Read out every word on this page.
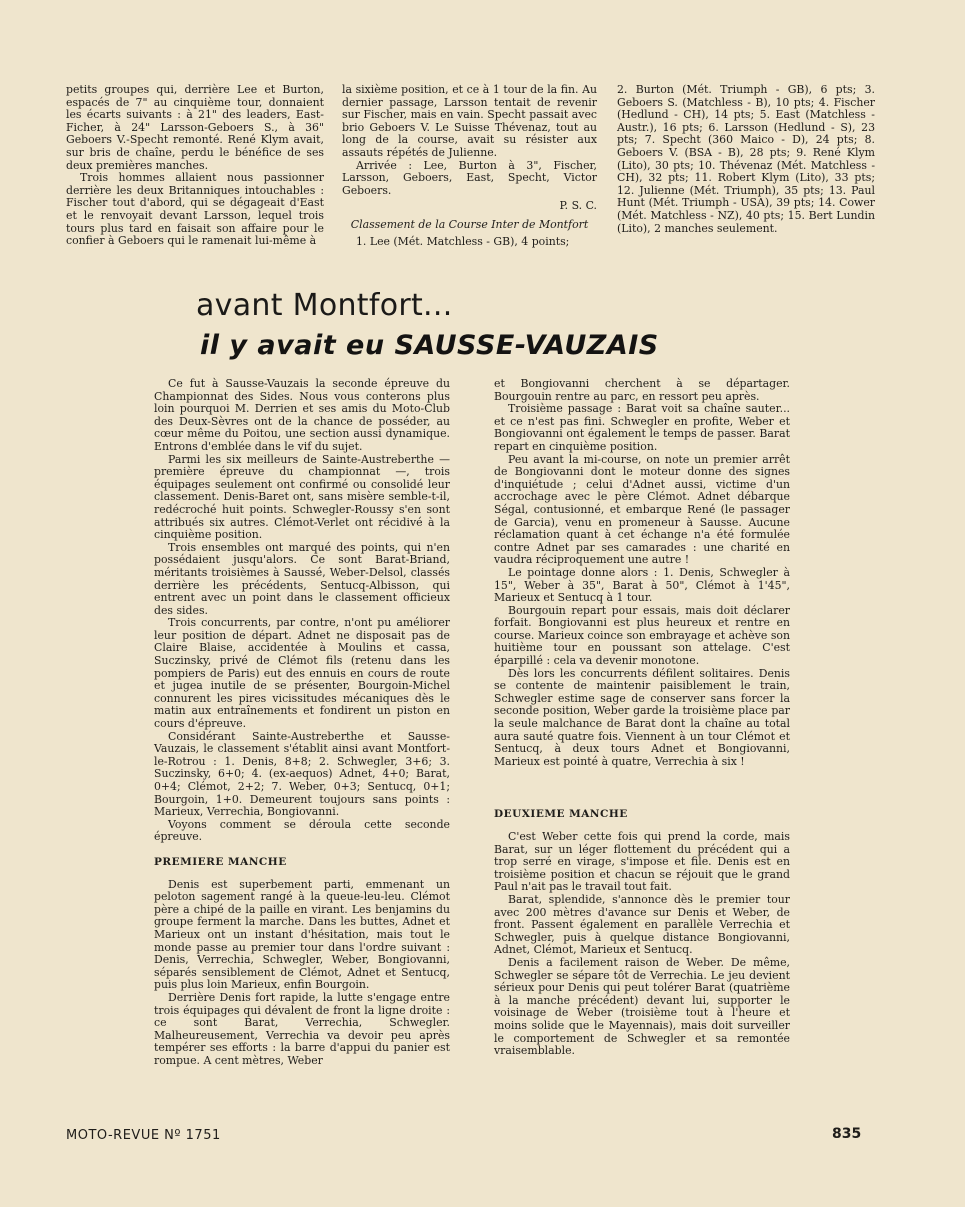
petits groupes qui, derrière Lee et Burton, espacés de 7" au cinquième tour, donnaient les écarts suivants : à 21" des leaders, East-Ficher, à 24" Larsson-Geboers S., à 36" Geboers V.-Specht remonté. René Klym avait, sur bris de chaîne, perdu le bénéfice de ses deux premières manches.

Trois hommes allaient nous passionner derrière les deux Britanniques intouchables : Fischer tout d'abord, qui se dégageait d'East et le renvoyait devant Larsson, lequel trois tours plus tard en faisait son affaire pour le confier à Geboers qui le ramenait lui-même à

la sixième position, et ce à 1 tour de la fin. Au dernier passage, Larsson tentait de revenir sur Fischer, mais en vain. Specht passait avec brio Geboers V. Le Suisse Thévenaz, tout au long de la course, avait su résister aux assauts répétés de Julienne.

Arrivée : Lee, Burton à 3", Fischer, Larsson, Geboers, East, Specht, Victor Geboers.

P. S. C.

Classement de la Course Inter de Montfort

1. Lee (Mét. Matchless - GB), 4 points;

2. Burton (Mét. Triumph - GB), 6 pts; 3. Geboers S. (Matchless - B), 10 pts; 4. Fischer (Hedlund - CH), 14 pts; 5. East (Matchless - Austr.), 16 pts; 6. Larsson (Hedlund - S), 23 pts; 7. Specht (360 Maico - D), 24 pts; 8. Geboers V. (BSA - B), 28 pts; 9. René Klym (Lito), 30 pts; 10. Thévenaz (Mét. Matchless - CH), 32 pts; 11. Robert Klym (Lito), 33 pts; 12. Julienne (Mét. Triumph), 35 pts; 13. Paul Hunt (Mét. Triumph - USA), 39 pts; 14. Cower (Mét. Matchless - NZ), 40 pts; 15. Bert Lundin (Lito), 2 manches seulement.

avant Montfort...
il y avait eu SAUSSE-VAUZAIS

Ce fut à Sausse-Vauzais la seconde épreuve du Championnat des Sides. Nous vous conterons plus loin pourquoi M. Derrien et ses amis du Moto-Club des Deux-Sèvres ont de la chance de posséder, au cœur même du Poitou, une section aussi dynamique. Entrons d'emblée dans le vif du sujet.

Parmi les six meilleurs de Sainte-Austreberthe — première épreuve du championnat —, trois équipages seulement ont confirmé ou consolidé leur classement. Denis-Baret ont, sans misère semble-t-il, redécroché huit points. Schwegler-Roussy s'en sont attribués six autres. Clémot-Verlet ont récidivé à la cinquième position.

Trois ensembles ont marqué des points, qui n'en possédaient jusqu'alors. Ce sont Barat-Briand, méritants troisièmes à Saussé, Weber-Delsol, classés derrière les précédents, Sentucq-Albisson, qui entrent avec un point dans le classement officieux des sides.

Trois concurrents, par contre, n'ont pu améliorer leur position de départ. Adnet ne disposait pas de Claire Blaise, accidentée à Moulins et cassa, Suczinsky, privé de Clémot fils (retenu dans les pompiers de Paris) eut des ennuis en cours de route et jugea inutile de se présenter, Bourgoin-Michel connurent les pires vicissitudes mécaniques dès le matin aux entraînements et fondirent un piston en cours d'épreuve.

Considérant Sainte-Austreberthe et Sausse-Vauzais, le classement s'établit ainsi avant Montfort-le-Rotrou : 1. Denis, 8+8; 2. Schwegler, 3+6; 3. Suczinsky, 6+0; 4. (ex-aequos) Adnet, 4+0; Barat, 0+4; Clémot, 2+2; 7. Weber, 0+3; Sentucq, 0+1; Bourgoin, 1+0. Demeurent toujours sans points : Marieux, Verrechia, Bongiovanni.

Voyons comment se déroula cette seconde épreuve.

PREMIERE MANCHE

Denis est superbement parti, emmenant un peloton sagement rangé à la queue-leu-leu. Clémot père a chipé de la paille en virant. Les benjamins du groupe ferment la marche. Dans les buttes, Adnet et Marieux ont un instant d'hésitation, mais tout le monde passe au premier tour dans l'ordre suivant : Denis, Verrechia, Schwegler, Weber, Bongiovanni, séparés sensiblement de Clémot, Adnet et Sentucq, puis plus loin Marieux, enfin Bourgoin.

Derrière Denis fort rapide, la lutte s'engage entre trois équipages qui dévalent de front la ligne droite : ce sont Barat, Verrechia, Schwegler. Malheureusement, Verrechia va devoir peu après tempérer ses efforts : la barre d'appui du panier est rompue. A cent mètres, Weber

et Bongiovanni cherchent à se départager. Bourgouin rentre au parc, en ressort peu après.

Troisième passage : Barat voit sa chaîne sauter... et ce n'est pas fini. Schwegler en profite, Weber et Bongiovanni ont également le temps de passer. Barat repart en cinquième position.

Peu avant la mi-course, on note un premier arrêt de Bongiovanni dont le moteur donne des signes d'inquiétude ; celui d'Adnet aussi, victime d'un accrochage avec le père Clémot. Adnet débarque Ségal, contusionné, et embarque René (le passager de Garcia), venu en promeneur à Sausse. Aucune réclamation quant à cet échange n'a été formulée contre Adnet par ses camarades : une charité en vaudra réciproquement une autre !

Le pointage donne alors : 1. Denis, Schwegler à 15", Weber à 35", Barat à 50", Clémot à 1'45", Marieux et Sentucq à 1 tour.

Bourgouin repart pour essais, mais doit déclarer forfait. Bongiovanni est plus heureux et rentre en course. Marieux coince son embrayage et achève son huitième tour en poussant son attelage. C'est éparpillé : cela va devenir monotone.

Dès lors les concurrents défilent solitaires. Denis se contente de maintenir paisiblement le train, Schwegler estime sage de conserver sans forcer la seconde position, Weber garde la troisième place par la seule malchance de Barat dont la chaîne au total aura sauté quatre fois. Viennent à un tour Clémot et Sentucq, à deux tours Adnet et Bongiovanni, Marieux est pointé à quatre, Verrechia à six !

DEUXIEME MANCHE

C'est Weber cette fois qui prend la corde, mais Barat, sur un léger flottement du précédent qui a trop serré en virage, s'impose et file. Denis est en troisième position et chacun se réjouit que le grand Paul n'ait pas le travail tout fait.

Barat, splendide, s'annonce dès le premier tour avec 200 mètres d'avance sur Denis et Weber, de front. Passent également en parallèle Verrechia et Schwegler, puis à quelque distance Bongiovanni, Adnet, Clémot, Marieux et Sentucq.

Denis a facilement raison de Weber. De même, Schwegler se sépare tôt de Verrechia. Le jeu devient sérieux pour Denis qui peut tolérer Barat (quatrième à la manche précédent) devant lui, supporter le voisinage de Weber (troisième tout à l'heure et moins solide que le Mayennais), mais doit surveiller le comportement de Schwegler et sa remontée vraisemblable.

MOTO-REVUE Nº 1751	835
